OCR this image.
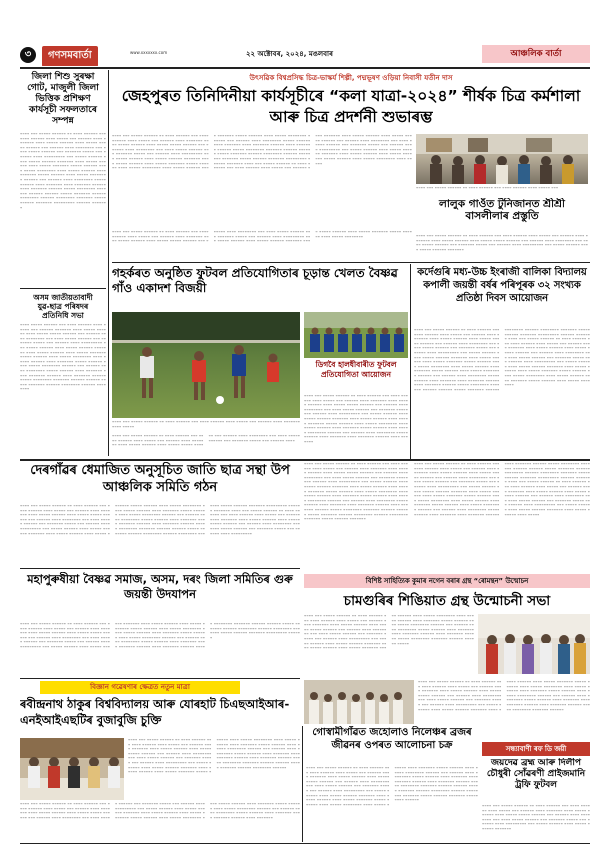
৩	গণসমবাৰ্তা	www.xxxxxxx.com	২২ অক্টোবৰ, ২০২৪, মঙলবাৰ	আঞ্চলিক বাৰ্তা
জিলা শিশু সুৰক্ষা গোট, মাজুলী জিলা ভিত্তিক প্ৰশিক্ষণ কাৰ্যসূচী সফলতাৰে সম্পন্ন
০০০০ ০০০ ০০০০০ ০০০০০০ ০০ ০০০০ ০০০০০০ ০০০ ০০০০ ০০০০০০ ০০০০ ০০০০০ ০০০ ০০০০০০ ০০০০ ০০০০০০০ ০০০০ ০০০০০ ০০০০০০ ০০০০ ০০০০০ ০০০০০ ০০০০০০ ০০০ ০০০০০০ ০০০০ ০০০০০০০০ ০০০ ০০০০ ০০০০০ ০০০০০০ ০০০ ০০০০০০০ ০০০০০ ০০০ ০০০০০০ ০০০০ ০০০০০০০০০ ০০০ ০০০০০ ০০০০০০ ০০০০ ০০০০০ ০০০০০০ ০০০০০০০ ০০০০ ০০০০০ ০০০০০০ ০০০০ ০০০০০ ০০০০০০০ ০০০০০ ০০০০০০ ০০০০ ০০০০০ ০০০০০০০০ ০০০০ ০০০০০ ০০০০০০ ০০০০ ০০০০০০০ ০০০০০ ০০০০০০ ০০০০ ০০০০০ ০০০০০০০০ ০০০০০০ ০০০ ০০০০০০ ০০০০ ০০০০০০০০ ০০০০০ ০০০০০০ ০০০০ ০০০০০০০ ০০০০ ০০০০০০০ ০০০০০০ ০০০০ ০০০০০০০ ০০০০০০ ০০০০০ ০০০০০০০০ ০০০০০০০ ০০০০০০ ০০০০০০ ০০০০০ ০০০০০০০ ০০০০০০ ০০০০০০০০ ০০০০০০ ০০০০০০০০ ০০০০০০০ ০০০০০ ০০০০০০ ০০০০০০০ ০০০০০০০০০ ০০০০০০ ০০০০০০০
অসম জাতীয়তাবাদী যুৱ-ছাত্ৰ পৰিষদৰ প্ৰতিনিধি সভা
০০০০ ০০০০০ ০০০০০০ ০০০ ০০০০ ০০০০০০ ০০০০ ০০০০০ ০০০ ০০০০০০ ০০০০০০০ ০০০০ ০০০০০ ০০০০০০ ০০০০ ০০০০০ ০০০০০ ০০০০০০ ০০০ ০০০০০০ ০০০০ ০০০০০০০০ ০০০ ০০০০ ০০০০০ ০০০০০০ ০০০ ০০০০০০০ ০০০০০ ০০০ ০০০০০০ ০০০০ ০০০০০০০০০ ০০০ ০০০০০ ০০০০০০ ০০০০ ০০০০০ ০০০০০০ ০০০০০০০ ০০০০ ০০০০০ ০০০০০০ ০০০০ ০০০০০ ০০০০০০০ ০০০০০ ০০০০০০ ০০০০ ০০০০০ ০০০০০০০০ ০০০০ ০০০০০ ০০০০০০ ০০০০ ০০০০০০০ ০০০০০ ০০০০০০ ০০০০ ০০০০০ ০০০০০০০০ ০০০০০০ ০০০ ০০০০০০ ০০০০ ০০০০০০০০ ০০০০০ ০০০০০০ ০০০০ ০০০০০০০ ০০০০ ০০০০০০০ ০০০০০০ ০০০০ ০০০০০০০ ০০০০০০ ০০০০০ ০০০০০০০০ ০০০০০০০ ০০০০০০ ০০০০০০ ০০০০০ ০০০০০০০ ০০০০০০ ০০০০০০০০ ০০০০০০ ০০০০০০০০
উৎসৱিক বিশ্বপ্ৰসিদ্ধ চিত্ৰ-ভাস্কৰ্য শিল্পী, পদ্মভূষণ ওড়িয়া নিবাসী যতীন দাস
জেহপুৰত তিনিদিনীয়া কাৰ্যসূচীৰে “কলা যাত্ৰা-২০২৪” শীৰ্ষক চিত্ৰ কৰ্মশালা আৰু চিত্ৰ প্ৰদৰ্শনী শুভাৰম্ভ
০০০০ ০০০ ০০০০০ ০০০০০০ ০০ ০০০০ ০০০০০০ ০০০ ০০০০ ০০০০০০ ০০০০ ০০০০০ ০০০ ০০০০০০ ০০০০ ০০০০০০০ ০০০০ ০০০০০ ০০০০০০ ০০০০ ০০০০০ ০০০০০ ০০০০০০ ০০০ ০০০০০০ ০০০০ ০০০০০০০০ ০০০ ০০০০ ০০০০০ ০০০০০০ ০০০ ০০০০০০০ ০০০০০ ০০০ ০০০০০০ ০০০০ ০০০০০০০০০ ০০০ ০০০০০ ০০০০০০ ০০০০ ০০০০০ ০০০০০০ ০০০০০০০ ০০০০ ০০০০০ ০০০০০০ ০০০০ ০০০০০ ০০০০০০০ ০০০০০ ০০০০০০ ০০০০ ০০০০০ ০০০০০০০০ ০০০০ ০০০০০ ০০০০০০ ০০০০ ০০০০০০০ ০০০০০ ০০০০০০ ০০০০ ০০০০০ ০০০০০০০০ ০০০০০০ ০০০ ০০০০০০ ০০০০ ০০০০০০০০ ০০০০০ ০০০০০০ ০০০০ ০০০০০০০ ০০০০ ০০০০০০০ ০০০০০০ ০০০০ ০০০০০০০ ০০০০০০ ০০০০০ ০০০০০০০০ ০০০০০০০ ০০০০০০ ০০০০০০ ০০০০০ ০০০০০০০ ০০০০০০ ০০০০০০০০ ০০০০০০ ০০০০০০০০ ০০০০০০০ ০০০০০ ০০০০০০ ০০০০০০০ ০০০০০০০০০ ০০০০০০ ০০০০০০০ ০০০০ ০০০ ০০০০০ ০০০০০০ ০০ ০০০০ ০০০০০০ ০০০ ০০০০ ০০০০০০ ০০০০ ০০০০০ ০০০ ০০০০০০ ০০০০ ০০০০০০০ ০০০০ ০০০০০ ০০০০০০ ০০০০ ০০০০০ ০০০০০ ০০০০০০ ০০০ ০০০০০০ ০০০০ ০০০০০০০০ ০০০ ০০০০ ০০০০০ ০০০০০০ ০০০ ০০০০০০০ ০০০০০ ০০০ ০০০০০০ ০০০০ ০০০০০০০০০ ০০০ ০০০০০ ০০০০০০ ০০০০ ০০০০০ ০০০০০০ ০০০০০০০ ০০০০ ০০০০০ ০০০০০০ ০০০০ ০০০০০ ০০০০০০০ ০০০০০ ০০০০০০ ০০০০ ০০০০০ ০০০০০০০০ ০০০০ ০০০০০
০০০০ ০০০ ০০০০০ ০০০০০০ ০০ ০০০০ ০০০০০০ ০০০ ০০০০ ০০০০০০ ০০০০ ০০০০০ ০০০
লালুক গাওঁত টুনিজানত শ্ৰীশ্ৰী বাসলীলাৰ প্ৰস্তুতি
০০০০ ০০০ ০০০০০ ০০০০০০ ০০ ০০০০ ০০০০০০ ০০০ ০০০০ ০০০০০০ ০০০০ ০০০০০ ০০০ ০০০০০০ ০০০০ ০০০০০০০ ০০০০ ০০০০০ ০০০০০০ ০০০০ ০০০০০ ০০০০০ ০০০০০০ ০০০ ০০০০০০ ০০০০ ০০০০০০০০ ০০০ ০০০০ ০০০০০ ০০০০০০ ০০০ ০০০০০০০ ০০০০০ ০০০ ০০০০০০ ০০০০ ০০০০০০০০০ ০০০ ০০০০০ ০০০০০০ ০০০০ ০০০০০ ০০০০০০ ০০০০০০০
০০০০ ০০০ ০০০০০ ০০০০০০ ০০ ০০০০ ০০০০০০ ০০০ ০০০০ ০০০০০০ ০০০০ ০০০০০ ০০০ ০০০০০০ ০০০০ ০০০০০০০ ০০০০ ০০০০০ ০০০০০০ ০০০০ ০০০০০ ০০০০০ ০০০০০০ ০০০ ০০০০০০ ০০০০ ০০০০০০০০ ০০০ ০০০০ ০০০০০ ০০০০০০ ০০০ ০০০০০০০ ০০০০০ ০০০ ০০০০০০ ০০০০ ০০০০০০০০০ ০০০ ০০০০০ ০০০০০০ ০০০০ ০০০০০ ০০০০০০ ০০০০০০০ ০০০০ ০০০০০ ০০০০০০ ০০০০ ০০০০০ ০০০০০০০ ০০০০০ ০০০০০০ ০০০০ ০০০০০ ০০০০০০০০
গহৰ্কৰত অনুষ্ঠিত ফুটবল প্ৰতিযোগিতাৰ চূড়ান্ত খেলত বৈষ্ণৱ গাঁও একাদশ বিজয়ী
০০০০ ০০০ ০০০০০ ০০০০০০ ০০ ০০০০ ০০০০০০ ০০০ ০০০০ ০০০০০০ ০০০০ ০০০০০ ০০০ ০০০০০০ ০০০০ ০০০০০০০ ০০০০ ০০০০০
ডিগবৈ হালধীবাৰীত ফুটবল প্ৰতিযোগিতা আয়োজন
০০০০ ০০০ ০০০০০ ০০০০০০ ০০ ০০০০ ০০০০০০ ০০০ ০০০০ ০০০০০০ ০০০০ ০০০০০ ০০০ ০০০০০০ ০০০০ ০০০০০০০ ০০০০ ০০০০০ ০০০০০০ ০০০০ ০০০০০ ০০০০০ ০০০০০০ ০০০ ০০০০০০ ০০০০ ০০০০০০০০ ০০০ ০০০০ ০০০০০ ০০০০০০ ০০০ ০০০০০০০ ০০০০০ ০০০ ০০০০০০ ০০০০ ০০০০০০০০০ ০০০ ০০০০০ ০০০০০০ ০০০০ ০০০০০ ০০০০০০ ০০০০০০০ ০০০০ ০০০০০ ০০০০০০ ০০০০ ০০০০০ ০০০০০০০ ০০০০০ ০০০০০০ ০০০০ ০০০০০ ০০০০০০০০ ০০০০ ০০০০০ ০০০০০০ ০০০০ ০০০০০০০ ০০০০০ ০০০০০০ ০০০০ ০০০০০ ০০০০০০০০ ০০০০০০ ০০০ ০০০০০০ ০০০০ ০০০০০০০০ ০০০০০ ০০০০০০ ০০০০ ০০০০০০০ ০০০০ ০০০০০০০ ০০০০০০ ০০০০ ০০০০০০০
০০০০ ০০০ ০০০০০ ০০০০০০ ০০ ০০০০ ০০০০০০ ০০০ ০০০০ ০০০০০০ ০০০০ ০০০০০ ০০০ ০০০০০০ ০০০০ ০০০০০০০ ০০০০ ০০০০০ ০০০০০০ ০০০০ ০০০০০ ০০০০০ ০০০০০০ ০০০ ০০০০০০ ০০০০ ০০০০০০০০ ০০০ ০০০০ ০০০০০ ০০০০০০ ০০০ ০০০০০০০ ০০০০০ ০০০ ০০০০০০ ০০০০
কৰ্দেগুৰি মধ্য-উচ্চ ইংৰাজী বালিকা বিদ্যালয় কপালী জয়ন্তী বৰ্ষৰ পৰিপূৰক ৩২ সংখ্যক প্ৰতিষ্ঠা দিবস আয়োজন
০০০০ ০০০ ০০০০০ ০০০০০০ ০০ ০০০০ ০০০০০০ ০০০ ০০০০ ০০০০০০ ০০০০ ০০০০০ ০০০ ০০০০০০ ০০০০ ০০০০০০০ ০০০০ ০০০০০ ০০০০০০ ০০০০ ০০০০০ ০০০০০ ০০০০০০ ০০০ ০০০০০০ ০০০০ ০০০০০০০০ ০০০ ০০০০ ০০০০০ ০০০০০০ ০০০ ০০০০০০০ ০০০০০ ০০০ ০০০০০০ ০০০০ ০০০০০০০০০ ০০০ ০০০০০ ০০০০০০ ০০০০ ০০০০০ ০০০০০০ ০০০০০০০ ০০০০ ০০০০০ ০০০০০০ ০০০০ ০০০০০ ০০০০০০০ ০০০০০ ০০০০০০ ০০০০ ০০০০০ ০০০০০০০০ ০০০০ ০০০০০ ০০০০০০ ০০০০ ০০০০০০০ ০০০০০ ০০০০০০ ০০০০ ০০০০০ ০০০০০০০০ ০০০০০০ ০০০ ০০০০০০ ০০০০ ০০০০০০০০ ০০০০০ ০০০০০০ ০০০০ ০০০০০০০ ০০০০ ০০০০০০০ ০০০০০০ ০০০০ ০০০০০০০ ০০০০০০ ০০০০০ ০০০০০০০০ ০০০০০০০ ০০০০০০ ০০০০০০ ০০০০০ ০০০০০০০ ০০০০০০ ০০০০০০০০ ০০০০০০ ০০০০০০০০ ০০০০০০০ ০০০০০ ০০০০০০ ০০০০০০০ ০০০০০০০০০ ০০০০০০ ০০০০০০০ ০০০০ ০০০ ০০০০০ ০০০০০০ ০০ ০০০০ ০০০০০০ ০০০ ০০০০ ০০০০০০ ০০০০ ০০০০০ ০০০ ০০০০০০ ০০০০ ০০০০০০০ ০০০০ ০০০০০ ০০০০০০ ০০০০ ০০০০০ ০০০০০ ০০০০০০ ০০০ ০০০০০০ ০০০০ ০০০০০০০০ ০০০ ০০০০ ০০০০০ ০০০০০০ ০০০ ০০০০০০০ ০০০০০ ০০০ ০০০০০০ ০০০০ ০০০০০০০০০ ০০০ ০০০০০ ০০০০০০ ০০০০ ০০০০০ ০০০০০০ ০০০০০০০ ০০০০ ০০০০০ ০০০০০০ ০০০০ ০০০০০ ০০০০০০০ ০০০০০ ০০০০০০ ০০০০ ০০০০০ ০০০০০০০০ ০০০০ ০০০০০ ০০০০০০ ০০০০ ০০০০০০০ ০০০০০ ০০০০০০ ০০০০ ০০০০০ ০০০০০০০০
দেৰগাঁৱৰ ধেমাজিত অনুসূচিত জাতি ছাত্ৰ সন্থা উপ আঞ্চলিক সমিতি গঠন
০০০০ ০০০ ০০০০০ ০০০০০০ ০০ ০০০০ ০০০০০০ ০০০ ০০০০ ০০০০০০ ০০০০ ০০০০০ ০০০ ০০০০০০ ০০০০ ০০০০০০০ ০০০০ ০০০০০ ০০০০০০ ০০০০ ০০০০০ ০০০০০ ০০০০০০ ০০০ ০০০০০০ ০০০০ ০০০০০০০০ ০০০ ০০০০ ০০০০০ ০০০০০০ ০০০ ০০০০০০০ ০০০০০ ০০০ ০০০০০০ ০০০০ ০০০০০০০০০ ০০০ ০০০০০ ০০০০০০ ০০০০ ০০০০০ ০০০০০০ ০০০০০০০ ০০০০ ০০০০০ ০০০০০০ ০০০০ ০০০০০ ০০০০০০০ ০০০০০ ০০০০০০ ০০০০ ০০০০০ ০০০০০০০০ ০০০০ ০০০০০ ০০০০০০ ০০০০ ০০০০০০০ ০০০০০ ০০০০০০ ০০০০ ০০০০০ ০০০০০০০০ ০০০০০০ ০০০ ০০০০০০ ০০০০ ০০০০০০০০ ০০০০০ ০০০০০০ ০০০০ ০০০০০০০ ০০০০ ০০০০০০০ ০০০০০০ ০০০০ ০০০০০০০ ০০০০০০ ০০০০০ ০০০০০০০০ ০০০০০০০ ০০০০০০ ০০০০০০ ০০০০০ ০০০০০০০ ০০০০০০ ০০০০০০০০ ০০০০০০ ০০০০০০০০ ০০০০০০০ ০০০০০ ০০০০০০ ০০০০০০০ ০০০০০০০০০ ০০০০০০ ০০০০০০০ ০০০০ ০০০ ০০০০০ ০০০০০০ ০০ ০০০০ ০০০০০০ ০০০ ০০০০ ০০০০০০ ০০০০ ০০০০০ ০০০ ০০০০০০ ০০০০ ০০০০০০০ ০০০০ ০০০০০ ০০০০০০ ০০০০ ০০০০০ ০০০০০ ০০০০০০ ০০০ ০০০০০০ ০০০০ ০০০০০০০০ ০০০ ০০০০ ০০০০০ ০০০০০০ ০০০ ০০০০০০০ ০০০০০ ০০০ ০০০০০০ ০০০০ ০০০০০০০০০
০০০০ ০০০ ০০০০০ ০০০০০০ ০০ ০০০০ ০০০০০০ ০০০ ০০০০ ০০০০০০ ০০০০ ০০০০০ ০০০ ০০০০০০ ০০০০ ০০০০০০০ ০০০০ ০০০০০ ০০০০০০ ০০০০ ০০০০০ ০০০০০ ০০০০০০ ০০০ ০০০০০০ ০০০০ ০০০০০০০০ ০০০ ০০০০ ০০০০০ ০০০০০০ ০০০ ০০০০০০০ ০০০০০ ০০০ ০০০০০০ ০০০০ ০০০০০০০০০ ০০০ ০০০০০ ০০০০০০ ০০০০ ০০০০০ ০০০০০০ ০০০০০০০ ০০০০ ০০০০০ ০০০০০০ ০০০০ ০০০০০ ০০০০০০০ ০০০০০ ০০০০০০ ০০০০ ০০০০০ ০০০০০০০০ ০০০০ ০০০০০ ০০০০০০ ০০০০ ০০০০০০০ ০০০০০ ০০০০০০ ০০০০ ০০০০০ ০০০০০০০০ ০০০০০০ ০০০ ০০০০০০ ০০০০ ০০০০০০০০ ০০০০০ ০০০০০০ ০০০০ ০০০০০০০ ০০০০ ০০০০০০০ ০০০০০০ ০০০০ ০০০০০০০ ০০০০০০ ০০০০০ ০০০০০০০০ ০০০০০০০ ০০০০০০ ০০০০০০ ০০০০০ ০০০০০০০ ০০০০০০ ০০০০০০০০ ০০০০০০ ০০০০০০০০ ০০০০০০০ ০০০০০ ০০০০০০ ০০০০০০০
০০০০ ০০০ ০০০০০ ০০০০০০ ০০ ০০০০ ০০০০০০ ০০০ ০০০০ ০০০০০০ ০০০০ ০০০০০ ০০০ ০০০০০০ ০০০০ ০০০০০০০ ০০০০ ০০০০০ ০০০০০০ ০০০০ ০০০০০ ০০০০০ ০০০০০০ ০০০ ০০০০০০ ০০০০ ০০০০০০০০ ০০০ ০০০০ ০০০০০ ০০০০০০ ০০০ ০০০০০০০ ০০০০০ ০০০ ০০০০০০ ০০০০ ০০০০০০০০০ ০০০ ০০০০০ ০০০০০০ ০০০০ ০০০০০ ০০০০০০ ০০০০০০০ ০০০০ ০০০০০ ০০০০০০ ০০০০ ০০০০০ ০০০০০০০ ০০০০০ ০০০০০০ ০০০০ ০০০০০ ০০০০০০০০ ০০০০ ০০০০০ ০০০০০০ ০০০০ ০০০০০০০ ০০০০০ ০০০০০০ ০০০০ ০০০০০ ০০০০০০০০ ০০০০০০ ০০০ ০০০০০০ ০০০০ ০০০০০০০০ ০০০০০ ০০০০০০ ০০০০ ০০০০০০০ ০০০০ ০০০০০০০ ০০০০০০ ০০০০ ০০০০০০০ ০০০০০০ ০০০০০ ০০০০০০০০ ০০০০০০০ ০০০০০০ ০০০০০০ ০০০০০ ০০০০০০০ ০০০০০০ ০০০০০০০০ ০০০০০০ ০০০০০০০০ ০০০০০০০ ০০০০০ ০০০০০০ ০০০০০০০ ০০০০০০০০০ ০০০০০০ ০০০০০০০ ০০০০ ০০০ ০০০০০ ০০০০০০ ০০ ০০০০ ০০০০০০ ০০০ ০০০০ ০০০০০০ ০০০০ ০০০০০ ০০০ ০০০০০০ ০০০০ ০০০০০০০ ০০০০ ০০০০০ ০০০০০০ ০০০০ ০০০০০ ০০০০০ ০০০০০০ ০০০ ০০০০০০ ০০০০ ০০০০০০০০ ০০০ ০০০০ ০০০০০ ০০০০০০ ০০০ ০০০০০০০ ০০০০০ ০০০ ০০০০০০ ০০০০ ০০০০০০০০০ ০০০ ০০০০০ ০০০০০০ ০০০০ ০০০০০ ০০০০০০ ০০০০০০০ ০০০০ ০০০০০ ০০০০০০ ০০০০ ০০০০০
বিশিষ্ট সাহিত্যিক কুমাৰ নগেন বৰাৰ গ্ৰন্থ “ৰোমন্থন” উন্মোচন
চামগুৰিৰ শিঙিয়াত গ্ৰন্থ উন্মোচনী সভা
মহাপুৰুষীয়া বৈষ্ণৱ সমাজ, অসম, দৰং জিলা সমিতিৰ গুৰু জয়ন্তী উদযাপন
০০০০ ০০০ ০০০০০ ০০০০০০ ০০ ০০০০ ০০০০০০ ০০০ ০০০০ ০০০০০০ ০০০০ ০০০০০ ০০০ ০০০০০০ ০০০০ ০০০০০০০ ০০০০ ০০০০০ ০০০০০০ ০০০০ ০০০০০ ০০০০০ ০০০০০০ ০০০ ০০০০০০ ০০০০ ০০০০০০০০ ০০০ ০০০০ ০০০০০ ০০০০০০ ০০০ ০০০০০০০ ০০০০০ ০০০ ০০০০০০ ০০০০ ০০০০০০০০০ ০০০ ০০০০০ ০০০০০০ ০০০০ ০০০০০ ০০০০০০ ০০০০০০০ ০০০০ ০০০০০ ০০০০০০ ০০০০ ০০০০০ ০০০০০০০ ০০০০০ ০০০০০০ ০০০০ ০০০০০ ০০০০০০০০ ০০০০ ০০০০০ ০০০০০০ ০০০০ ০০০০০০০ ০০০০০ ০০০০০০ ০০০০ ০০০০০ ০০০০০০০০ ০০০০০০ ০০০ ০০০০০০ ০০০০ ০০০০০০০০ ০০০০০ ০০০০০০ ০০০০ ০০০০০০০ ০০০০ ০০০০০০০ ০০০০০০ ০০০০ ০০০০০০০ ০০০০০০ ০০০০০ ০০০০০০০০ ০০০০০০০ ০০০০০০ ০০০০০০ ০০০০০ ০০০০০০০ ০০০০০০ ০০০০০০০০ ০০০০০০ ০০০০০০০০ ০০০০০০০ ০০০০০ ০০০০০০ ০০০০০০০ ০০০০০০০০০ ০০০০০০
০০০০ ০০০ ০০০০০ ০০০০০০ ০০ ০০০০ ০০০০০০ ০০০ ০০০০ ০০০০০০ ০০০০ ০০০০০ ০০০ ০০০০০০ ০০০০ ০০০০০০০ ০০০০ ০০০০০ ০০০০০০ ০০০০ ০০০০০ ০০০০০ ০০০০০০ ০০০ ০০০০০০ ০০০০ ০০০০০০০০ ০০০ ০০০০ ০০০০০ ০০০০০০ ০০০ ০০০০০০০ ০০০০০ ০০০ ০০০০০০ ০০০০ ০০০০০০০০০ ০০০ ০০০০০ ০০০০০০ ০০০০ ০০০০০ ০০০০০০ ০০০০০০০ ০০০০ ০০০০০ ০০০০০০ ০০০০ ০০০০০ ০০০০০০০ ০০০০০ ০০০০০০ ০০০০ ০০০০০ ০০০০০০০০ ০০০০ ০০০০০ ০০০০০০ ০০০০ ০০০০০০০ ০০০০০ ০০০০০০ ০০০০ ০০০০০ ০০০০০০০০ ০০০০০০ ০০০ ০০০০০০ ০০০০ ০০০০০০০০ ০০০০০ ০০০০০০ ০০০০ ০০০০০০০ ০০০০ ০০০০০০০ ০০০০০০ ০০০০ ০০০০০০০ ০০০০০০ ০০০০০ ০০০০০০০০ ০০০০০০০ ০০০০০০ ০০০০০০ ০০০০০
০০০০ ০০০ ০০০০০ ০০০০০০ ০০ ০০০০ ০০০০০০ ০০০ ০০০০ ০০০০০০ ০০০০ ০০০০০ ০০০ ০০০০০০ ০০০০ ০০০০০০০ ০০০০ ০০০০০ ০০০০০০ ০০০০ ০০০০০ ০০০০০ ০০০০০০ ০০০ ০০০০০০ ০০০০ ০০০০০০০০ ০০০ ০০০০ ০০০০০ ০০০০০০ ০০০ ০০০০০০০ ০০০০০ ০০০ ০০০০০০ ০০০০ ০০০০০০০০০ ০০০ ০০০০০ ০০০০০০ ০০০০ ০০০০০ ০০০০০০ ০০০০০০০ ০০০০ ০০০০০ ০০০০০০ ০০০০ ০০০০০ ০০০০০০০ ০০০০০ ০০০০০০ ০০০০ ০০০০০ ০০০০০০০০ ০০০০ ০০০০০ ০০০০০০ ০০০০ ০০০০০০০ ০০০০০ ০০০০০০ ০০০০ ০০০০০ ০০০০০০০০ ০০০০০০ ০০০ ০০০০০০ ০০০০ ০০০০০০০০ ০০০০০ ০০০০০০ ০০০০ ০০০০০০০ ০০০০ ০০০০০০০ ০০০০০০ ০০০০ ০০০০০০০ ০০০০০০ ০০০০০ ০০০০০০০০ ০০০০০০০ ০০০০০০
বিজ্ঞান গৱেষণাৰ ক্ষেত্ৰত নতুন মাত্ৰা
ৰবীন্দ্ৰনাথ ঠাকুৰ বিশ্ববিদ্যালয় আৰু যোৰহাট চিএছআইআৰ-এনইআইএছটিৰ বুজাবুজি চুক্তি
০০০০ ০০০ ০০০০০ ০০০০০০ ০০ ০০০০ ০০০০০০ ০০০ ০০০০ ০০০০০০ ০০০০ ০০০০০ ০০০ ০০০০০০ ০০০০ ০০০০০০০ ০০০০ ০০০০০ ০০০০০০ ০০০০ ০০০০০ ০০০০০ ০০০০০০ ০০০ ০০০০০০ ০০০০ ০০০০০০০০ ০০০ ০০০০ ০০০০০ ০০০০০০ ০০০ ০০০০০০০ ০০০০০ ০০০ ০০০০০০ ০০০০ ০০০০০০০০০ ০০০ ০০০০০ ০০০০০০ ০০০০ ০০০০০ ০০০০০০ ০০০০০০০ ০০০০ ০০০০০ ০০০০০০ ০০০০ ০০০০০ ০০০০০০০ ০০০০০ ০০০০০০ ০০০০ ০০০০০ ০০০০০০০০ ০০০০ ০০০০০ ০০০০০০ ০০০০ ০০০০০০০ ০০০০০ ০০০০০০ ০০০০ ০০০০০ ০০০০০০০০ ০০০০০০ ০০০ ০০০০০০ ০০০০ ০০০০০০০০ ০০০০০ ০০০০০০ ০০০০ ০০০০০০০ ০০০০ ০০০০০০০ ০০০০০০ ০০০০ ০০০০০০০ ০০০০০০ ০০০০০ ০০০০০০০০ ০০০০০০০ ০০০০০০ ০০০০০০ ০০০০০ ০০০০০০০ ০০০০০০ ০০০০০০০০ ০০০০০০
০০০০ ০০০ ০০০০০ ০০০০০০ ০০ ০০০০ ০০০০০০ ০০০ ০০০০ ০০০০০০ ০০০০ ০০০০০ ০০০ ০০০০০০ ০০০০ ০০০০০০০ ০০০০ ০০০০০ ০০০০০০ ০০০০ ০০০০০ ০০০০০ ০০০০০০ ০০০ ০০০০০০ ০০০০ ০০০০০০০০ ০০০ ০০০০ ০০০০০ ০০০০০০ ০০০ ০০০০০০০ ০০০০০ ০০০ ০০০০০০ ০০০০ ০০০০০০০০০ ০০০ ০০০০০ ০০০০০০ ০০০০ ০০০০০ ০০০০০০ ০০০০০০০ ০০০০ ০০০০০ ০০০০০০ ০০০০ ০০০০০ ০০০০০০০ ০০০০০ ০০০০০০ ০০০০ ০০০০০ ০০০০০০০০ ০০০০ ০০০০০ ০০০০০০ ০০০০ ০০০০০০০ ০০০০০ ০০০০০০ ০০০০ ০০০০০ ০০০০০০০০ ০০০০০০ ০০০ ০০০০০০ ০০০০ ০০০০০০০০ ০০০০০ ০০০০০০ ০০০০ ০০০০০০০ ০০০০ ০০০০০০০ ০০০০০০ ০০০০ ০০০০০০০
গোস্বামীগাঁৱত জহোলাও নিলেঞ্চৰ ব্ৰজৰ জীৱনৰ ওপৰত আলোচনা চক্ৰ
০০০০ ০০০ ০০০০০ ০০০০০০ ০০ ০০০০ ০০০০০০ ০০০ ০০০০ ০০০০০০ ০০০০ ০০০০০ ০০০ ০০০০০০ ০০০০ ০০০০০০০ ০০০০ ০০০০০ ০০০০০০ ০০০০ ০০০০০ ০০০০০ ০০০০০০ ০০০ ০০০০০০ ০০০০ ০০০০০০০০ ০০০ ০০০০ ০০০০০ ০০০০০০ ০০০ ০০০০০০০ ০০০০০ ০০০ ০০০০০০ ০০০০ ০০০০০০০০০ ০০০ ০০০০০ ০০০০০০ ০০০০ ০০০০০ ০০০০০০ ০০০০০০০ ০০০০ ০০০০০ ০০০০০০ ০০০০ ০০০০০ ০০০০০০০ ০০০০০ ০০০০০০ ০০০০ ০০০০০ ০০০০০০০০ ০০০০ ০০০০০ ০০০০০০ ০০০০ ০০০০০০০ ০০০০০ ০০০০০০ ০০০০ ০০০০০ ০০০০০০০০ ০০০০০০ ০০০ ০০০০০০ ০০০০ ০০০০০০০০ ০০০০০ ০০০০০০ ০০০০ ০০০০০০০ ০০০০ ০০০০০০০ ০০০০০০ ০০০০ ০০০০০০০ ০০০০০০ ০০০০০ ০০০০০০০০ ০০০০০০০ ০০০০০০ ০০০০০০ ০০০০০ ০০০০০০০ ০০০০০০ ০০০০০০০০ ০০০০০০ ০০০০০০০০ ০০০০০০০ ০০০০০ ০০০০০০ ০০০০০০০ ০০০০০০০০০ ০০০০০০
সন্ধ্যাবাণী ৰফ ডি জয়ী
জয়দেৱ ব্ৰহ্ম আৰু দিলীপ চৌধুৰী সোঁৱৰণী প্ৰাইজমানি ট্ৰফি ফুটবল
০০০০ ০০০ ০০০০০ ০০০০০০ ০০ ০০০০ ০০০০০০ ০০০ ০০০০ ০০০০০০ ০০০০ ০০০০০ ০০০ ০০০০০০ ০০০০ ০০০০০০০ ০০০০ ০০০০০ ০০০০০০ ০০০০ ০০০০০ ০০০০০ ০০০০০০ ০০০ ০০০০০০ ০০০০ ০০০০০০০০ ০০০ ০০০০ ০০০০০ ০০০০০০ ০০০ ০০০০০০০ ০০০০০ ০০০ ০০০০০০ ০০০০ ০০০০০০০০০ ০০০ ০০০০০ ০০০০০০ ০০০০ ০০০০০ ০০০০০০ ০০০০০০০
